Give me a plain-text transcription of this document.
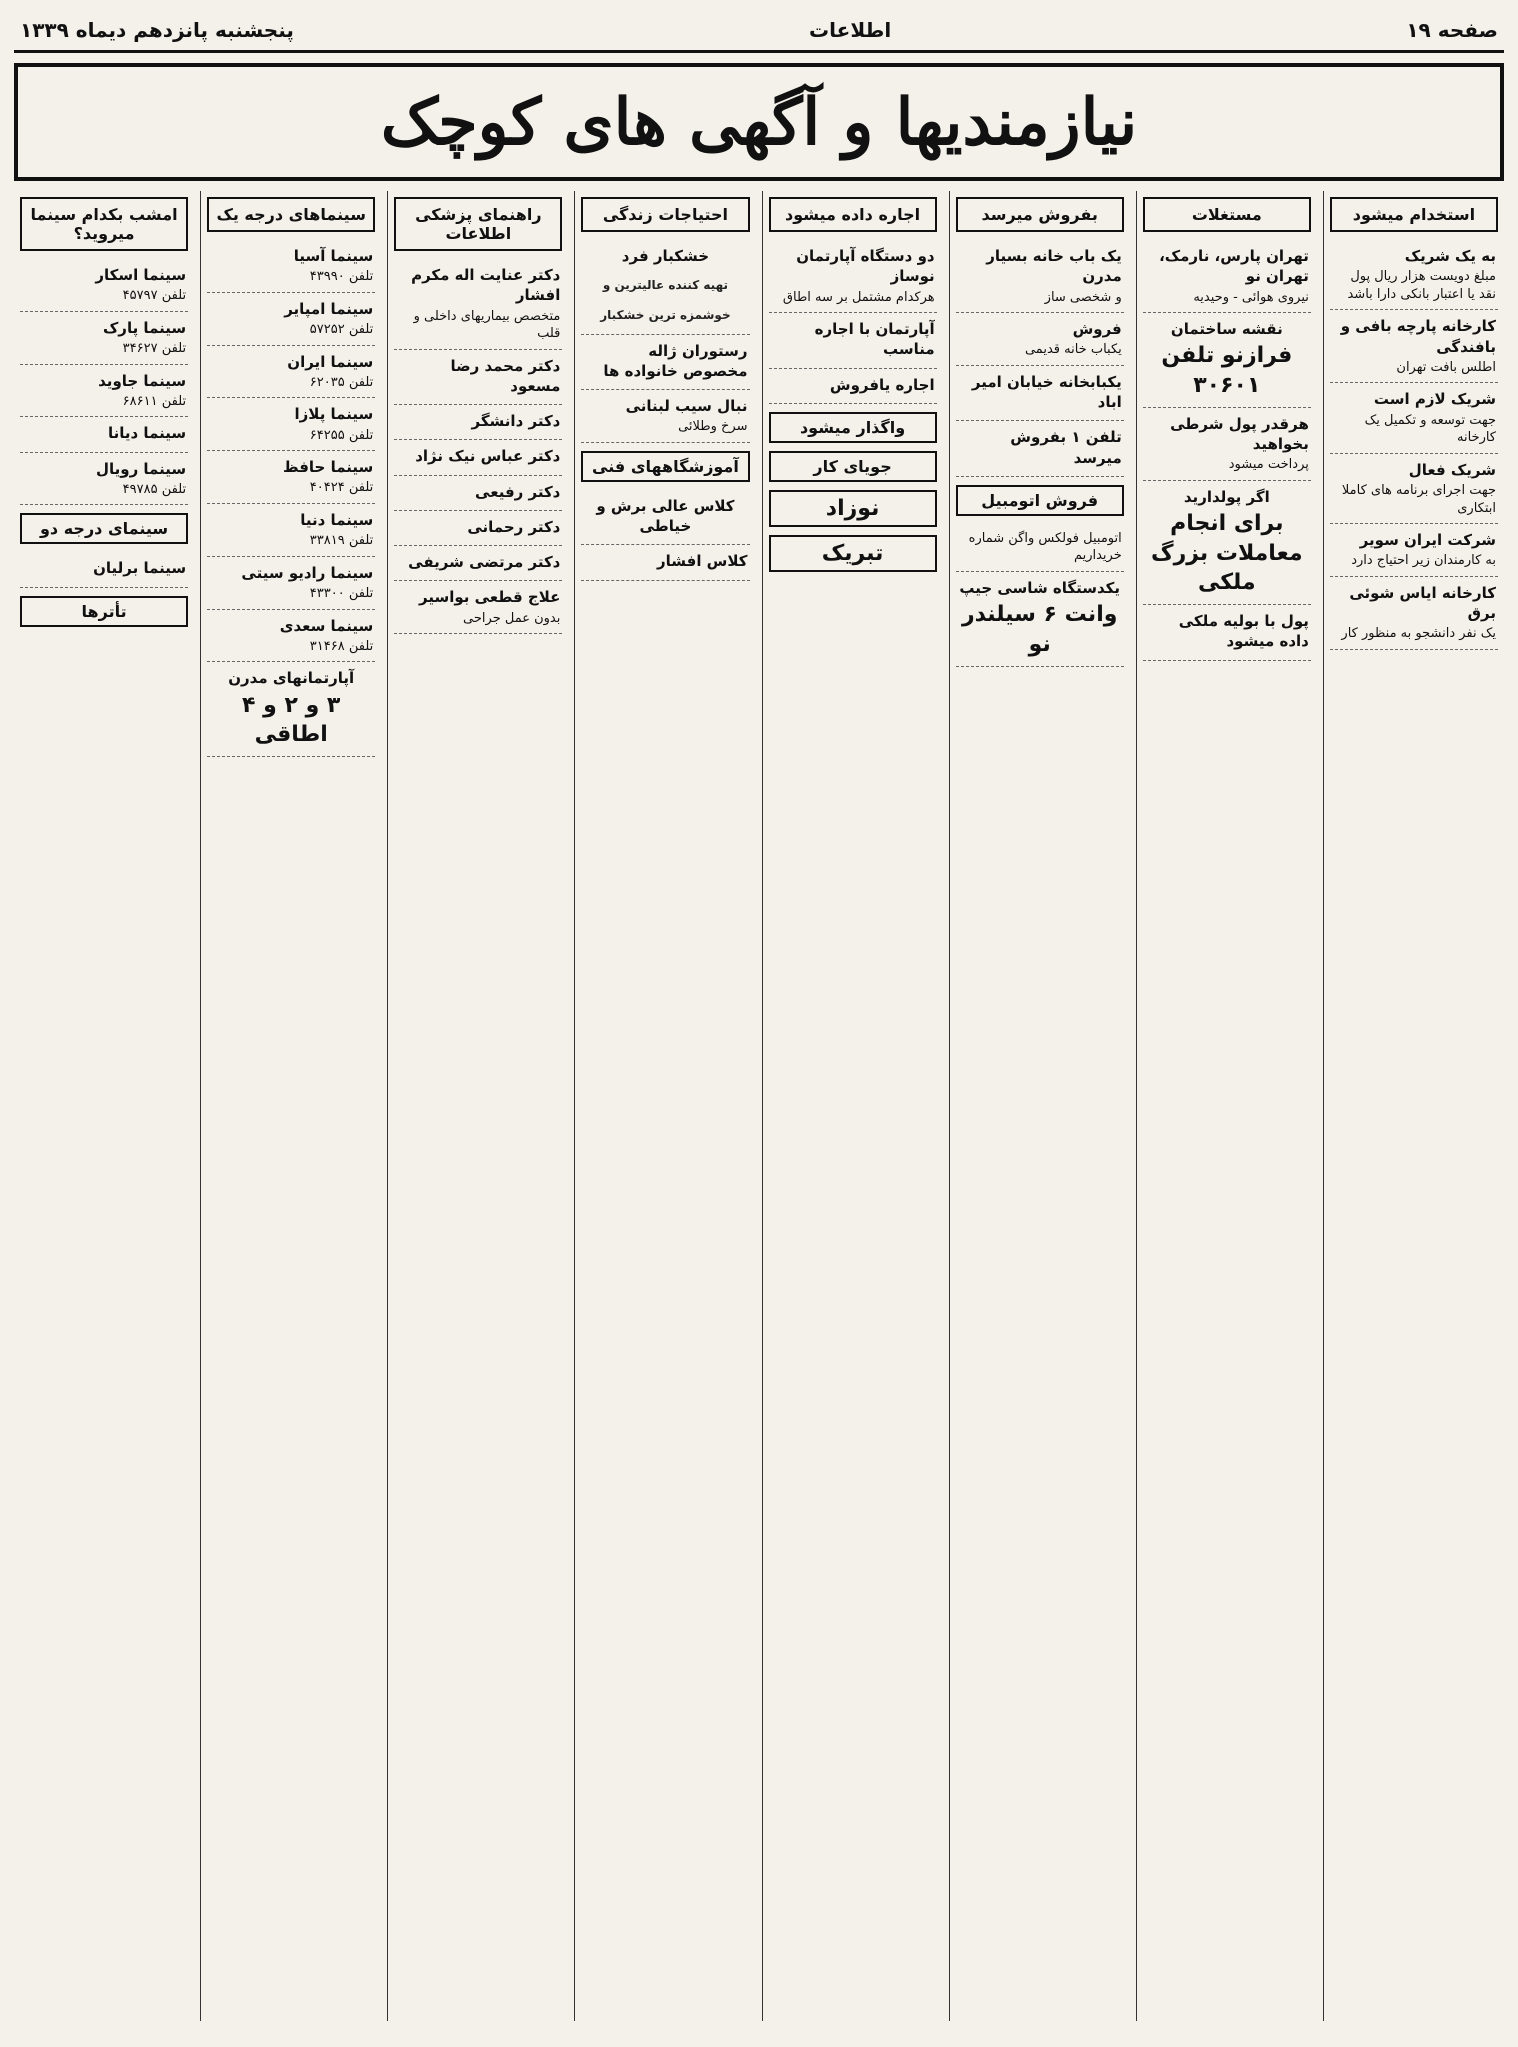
صفحه ۱۹
اطلاعات
پنجشنبه پانزدهم دیماه ۱۳۳۹
نیازمندیها و آگهی های کوچک
استخدام میشود
به یک شریک
مبلغ دویست هزار ریال پول نقد یا اعتبار بانکی دارا باشد
کارخانه پارچه بافی و بافندگی
اطلس بافت تهران
شریک لازم است
جهت توسعه و تکمیل یک کارخانه
شریک فعال
جهت اجرای برنامه های کاملا ابتکاری
شرکت ایران سویر
به کارمندان زیر احتیاج دارد
کارخانه ایاس شوئی برق
یک نفر دانشجو به منظور کار
مستغلات
تهران پارس، نارمک، تهران نو
نیروی هوائی - وحیدیه
نقشه ساختمان
فرازنو تلفن ۳۰۶۰۱
هرقدر پول شرطی بخواهید
پرداخت میشود
اگر پولدارید
برای انجام معاملات بزرگ ملکی
پول با بولیه ملکی داده میشود
بفروش میرسد
یک باب خانه بسیار مدرن
و شخصی ساز
فروش
یکباب خانه قدیمی
یکبابخانه خیابان امیر اباد
تلفن ۱ بفروش میرسد
فروش اتومبیل
اتومبیل فولکس واگن شماره خریداریم
یکدستگاه شاسی جیپ
وانت ۶ سیلندر نو
اجاره داده میشود
دو دستگاه آپارتمان نوساز
هرکدام مشتمل بر سه اطاق
آپارتمان با اجاره مناسب
اجاره یافروش
واگذار میشود
جویای کار
نوزاد
تبریک
احتیاجات زندگی
خشکبار فرد
تهیه کننده عالیترین و خوشمزه ترین خشکبار
رستوران ژاله مخصوص خانواده ها
نبال سیب لبنانی
سرخ وطلائی
آموزشگاههای فنی
کلاس عالی برش و خیاطی
کلاس افشار
راهنمای پزشکی اطلاعات
دکتر عنایت اله مکرم افشار
متخصص بیماریهای داخلی و قلب
دکتر محمد رضا مسعود
دکتر دانشگر
دکتر عباس نیک نژاد
دکتر رفیعی
دکتر رحمانی
دکتر مرتضی شریفی
علاج قطعی بواسیر
بدون عمل جراحی
سینماهای درجه یک
سینما آسیا
تلفن ۴۳۹۹۰
سینما امپایر
تلفن ۵۷۲۵۲
سینما ایران
تلفن ۶۲۰۳۵
سینما پلازا
تلفن ۶۴۲۵۵
سینما حافظ
تلفن ۴۰۴۲۴
سینما دنیا
تلفن ۳۳۸۱۹
سینما رادیو سیتی
تلفن ۴۳۳۰۰
سینما سعدی
تلفن ۳۱۴۶۸
آپارتمانهای مدرن
۳ و ۲ و ۴ اطاقی
امشب بکدام سینما میروید؟
سینما اسکار
تلفن ۴۵۷۹۷
سینما پارک
تلفن ۳۴۶۲۷
سینما جاوید
تلفن ۶۸۶۱۱
سینما دیانا
سینما رویال
تلفن ۴۹۷۸۵
سینمای درجه دو
سینما برلیان
تأترها
